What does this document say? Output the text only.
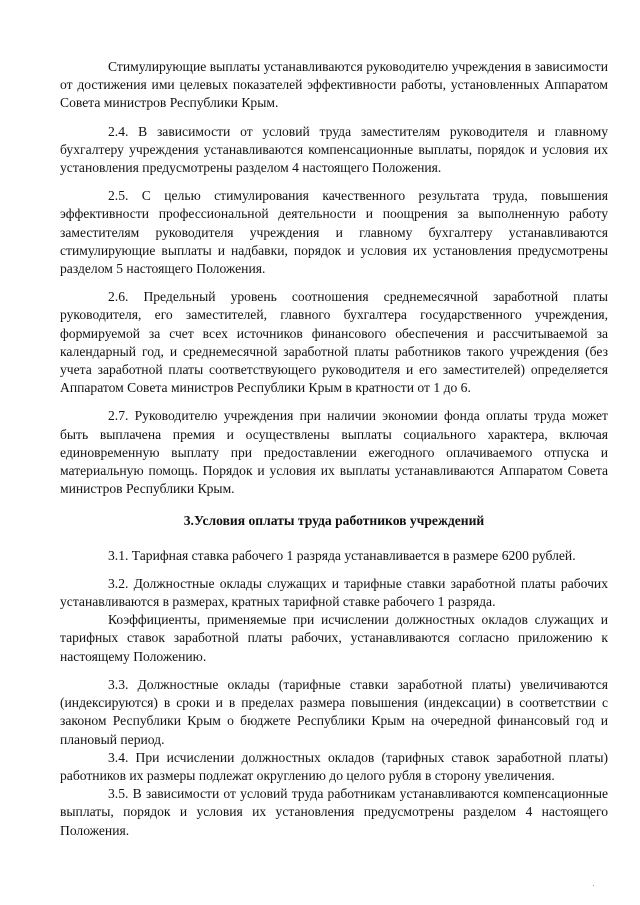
Стимулирующие выплаты устанавливаются руководителю учреждения в зависимости от достижения ими целевых показателей эффективности работы, установленных Аппаратом Совета министров Республики Крым.

2.4. В зависимости от условий труда заместителям руководителя и главному бухгалтеру учреждения устанавливаются компенсационные выплаты, порядок и условия их установления предусмотрены разделом 4 настоящего Положения.

2.5. С целью стимулирования качественного результата труда, повышения эффективности профессиональной деятельности и поощрения за выполненную работу заместителям руководителя учреждения и главному бухгалтеру устанавливаются стимулирующие выплаты и надбавки, порядок и условия их установления предусмотрены разделом 5 настоящего Положения.

2.6. Предельный уровень соотношения среднемесячной заработной платы руководителя, его заместителей, главного бухгалтера государственного учреждения, формируемой за счет всех источников финансового обеспечения и рассчитываемой за календарный год, и среднемесячной заработной платы работников такого учреждения (без учета заработной платы соответствующего руководителя и его заместителей) определяется Аппаратом Совета министров Республики Крым в кратности от 1 до 6.

2.7. Руководителю учреждения при наличии экономии фонда оплаты труда может быть выплачена премия и осуществлены выплаты социального характера, включая единовременную выплату при предоставлении ежегодного оплачиваемого отпуска и материальную помощь. Порядок и условия их выплаты устанавливаются Аппаратом Совета министров Республики Крым.

3.Условия оплаты труда работников учреждений

3.1. Тарифная ставка рабочего 1 разряда устанавливается в размере 6200 рублей.

3.2. Должностные оклады служащих и тарифные ставки заработной платы рабочих устанавливаются в размерах, кратных тарифной ставке рабочего 1 разряда.

Коэффициенты, применяемые при исчислении должностных окладов служащих и тарифных ставок заработной платы рабочих, устанавливаются согласно приложению к настоящему Положению.

3.3. Должностные оклады (тарифные ставки заработной платы) увеличиваются (индексируются) в сроки и в пределах размера повышения (индексации) в соответствии с законом Республики Крым о бюджете Республики Крым на очередной финансовый год и плановый период.

3.4. При исчислении должностных окладов (тарифных ставок заработной платы) работников их размеры подлежат округлению до целого рубля в сторону увеличения.

3.5. В зависимости от условий труда работникам устанавливаются компенсационные выплаты, порядок и условия их установления предусмотрены разделом 4 настоящего Положения.
